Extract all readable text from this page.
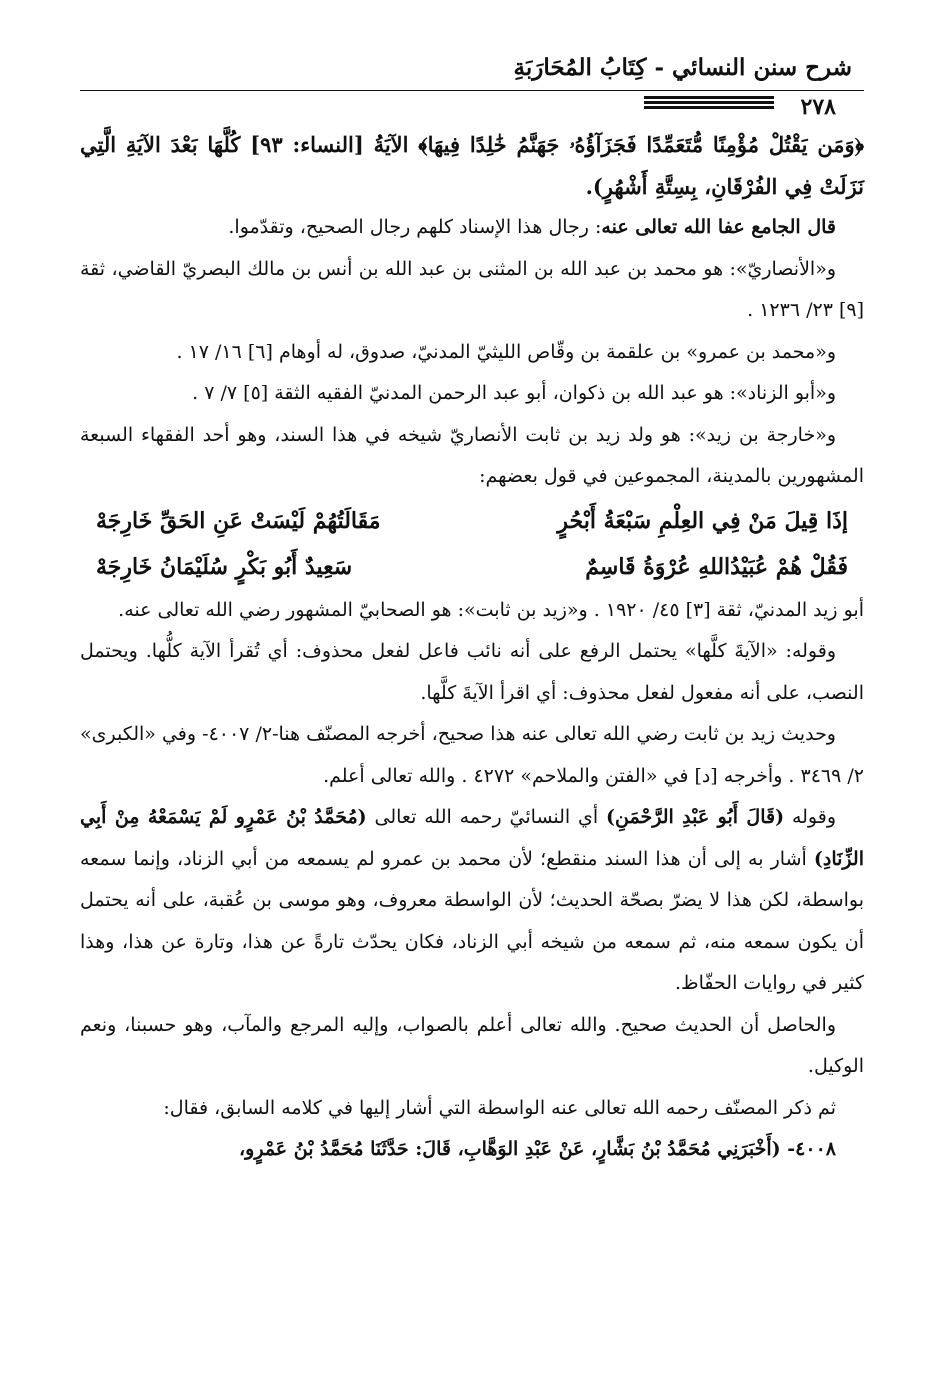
شرح سنن النسائي - كِتَابُ المُحَارَبَةِ
٢٧٨

﴿وَمَن يَقْتُلْ مُؤْمِنًا مُّتَعَمِّدًا فَجَزَآؤُهُۥ جَهَنَّمُ خَٰلِدًا فِيهَا﴾ الآيَةُ [النساء: ٩٣] كُلَّهَا بَعْدَ الآيَةِ الَّتِي نَزَلَتْ فِي الفُرْقَانِ، بِسِتَّةِ أَشْهُرٍ).

قال الجامع عفا الله تعالى عنه: رجال هذا الإسناد كلهم رجال الصحيح، وتقدّموا.

و«الأنصاريّ»: هو محمد بن عبد الله بن المثنى بن عبد الله بن أنس بن مالك البصريّ القاضي، ثقة [٩] ٢٣/ ١٢٣٦ .

و«محمد بن عمرو» بن علقمة بن وقّاص الليثيّ المدنيّ، صدوق، له أوهام [٦] ١٦/ ١٧ .

و«أبو الزناد»: هو عبد الله بن ذكوان، أبو عبد الرحمن المدنيّ الفقيه الثقة [٥] ٧/ ٧ .

و«خارجة بن زيد»: هو ولد زيد بن ثابت الأنصاريّ شيخه في هذا السند، وهو أحد الفقهاء السبعة المشهورين بالمدينة، المجموعين في قول بعضهم:

إذَا قِيلَ مَنْ فِي العِلْمِ سَبْعَةُ أَبْحُرٍ
مَقَالَتُهُمْ لَيْسَتْ عَنِ الحَقِّ خَارِجَهْ
فَقُلْ هُمْ عُبَيْدُاللهِ عُرْوَةُ قَاسِمٌ
سَعِيدٌ أَبُو بَكْرٍ سُلَيْمَانُ خَارِجَهْ

أبو زيد المدنيّ، ثقة [٣] ٤٥/ ١٩٢٠ . و«زيد بن ثابت»: هو الصحابيّ المشهور رضي الله تعالى عنه.

وقوله: «الآيةَ كلَّها» يحتمل الرفع على أنه نائب فاعل لفعل محذوف: أي تُقرأ الآية كلُّها. ويحتمل النصب، على أنه مفعول لفعل محذوف: أي اقرأ الآيةَ كلَّها.

وحديث زيد بن ثابت رضي الله تعالى عنه هذا صحيح، أخرجه المصنّف هنا-٢/ ٤٠٠٧- وفي «الكبرى» ٢/ ٣٤٦٩ . وأخرجه [د] في «الفتن والملاحم» ٤٢٧٢ . والله تعالى أعلم.

وقوله (قَالَ أَبُو عَبْدِ الرَّحْمَنِ) أي النسائيّ رحمه الله تعالى (مُحَمَّدُ بْنُ عَمْرٍو لَمْ يَسْمَعْهُ مِنْ أَبِي الزِّنَادِ) أشار به إلى أن هذا السند منقطع؛ لأن محمد بن عمرو لم يسمعه من أبي الزناد، وإنما سمعه بواسطة، لكن هذا لا يضرّ بصحّة الحديث؛ لأن الواسطة معروف، وهو موسى بن عُقبة، على أنه يحتمل أن يكون سمعه منه، ثم سمعه من شيخه أبي الزناد، فكان يحدّث تارةً عن هذا، وتارة عن هذا، وهذا كثير في روايات الحفّاظ.

والحاصل أن الحديث صحيح. والله تعالى أعلم بالصواب، وإليه المرجع والمآب، وهو حسبنا، ونعم الوكيل.

ثم ذكر المصنّف رحمه الله تعالى عنه الواسطة التي أشار إليها في كلامه السابق، فقال:

٤٠٠٨- (أَخْبَرَنِي مُحَمَّدُ بْنُ بَشَّارٍ، عَنْ عَبْدِ الوَهَّابِ، قَالَ: حَدَّثَنَا مُحَمَّدُ بْنُ عَمْرٍو،
